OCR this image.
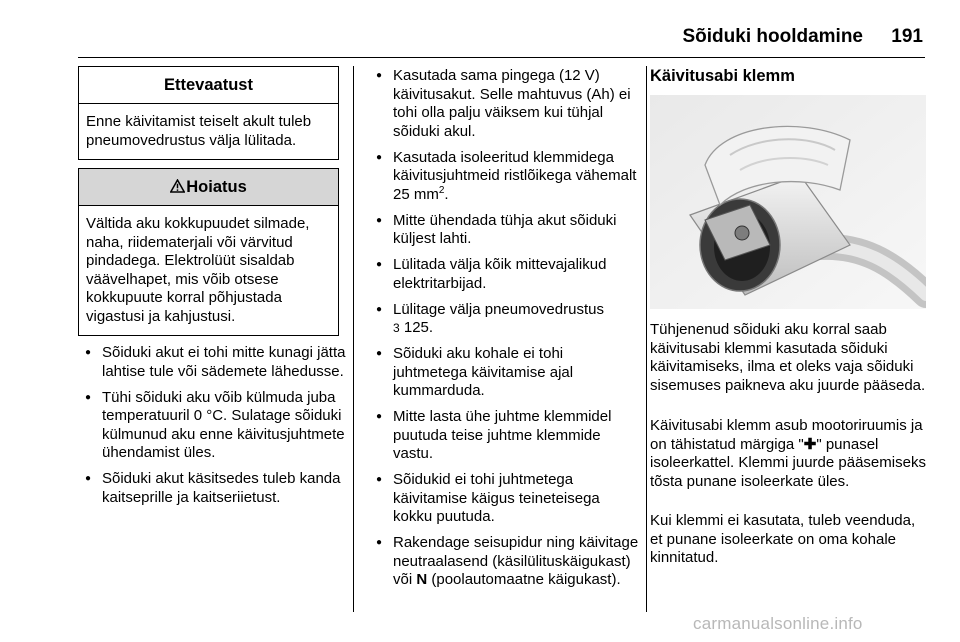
Sõiduki hooldamine	191
Ettevaatust
Enne käivitamist teiselt akult tuleb pneumovedrustus välja lülitada.
Hoiatus
Vältida aku kokkupuudet silmade, naha, riidematerjali või värvitud pindadega. Elektrolüüt sisaldab väävelhapet, mis võib otsese kokkupuute korral põhjustada vigastusi ja kahjustusi.
● Sõiduki akut ei tohi mitte kunagi jätta lahtise tule või sädemete lähedusse.
● Tühi sõiduki aku võib külmuda juba temperatuuril 0 °C. Sulatage sõiduki külmunud aku enne käivitusjuhtmete ühendamist üles.
● Sõiduki akut käsitsedes tuleb kanda kaitseprille ja kaitseriietust.
● Kasutada sama pingega (12 V) käivitusakut. Selle mahtuvus (Ah) ei tohi olla palju väiksem kui tühjal sõiduki akul.
● Kasutada isoleeritud klemmidega käivitusjuhtmeid ristlõikega vähemalt 25 $mm^2$.
● Mitte ühendada tühja akut sõiduki küljest lahti.
● Lülitada välja kõik mittevajalikud elektritarbijad.
● Lülitage välja pneumovedrustus
3 125.
● Sõiduki aku kohale ei tohi juhtmetega käivitamise ajal kummarduda.
● Mitte lasta ühe juhtme klemmidel puutuda teise juhtme klemmide vastu.
● Sõidukid ei tohi juhtmetega käivitamise käigus teineteisega kokku puutuda.
● Rakendage seisupidur ning käivitage neutraalasend (käsilülituskäigukast) või N (poolautomaatne käigukast).
Käivitusabi klemm

Tühjenenud sõiduki aku korral saab käivitusabi klemmi kasutada sõiduki käivitamiseks, ilma et oleks vaja sõiduki sisemuses paikneva aku juurde pääseda.

Käivitusabi klemm asub mootoriruumis ja on tähistatud märgiga "✚" punasel isoleerkattel. Klemmi juurde pääsemiseks tõsta punane isoleerkate üles.

Kui klemmi ei kasutata, tuleb veenduda, et punane isoleerkate on oma kohale kinnitatud.

carmanualsonline.info
